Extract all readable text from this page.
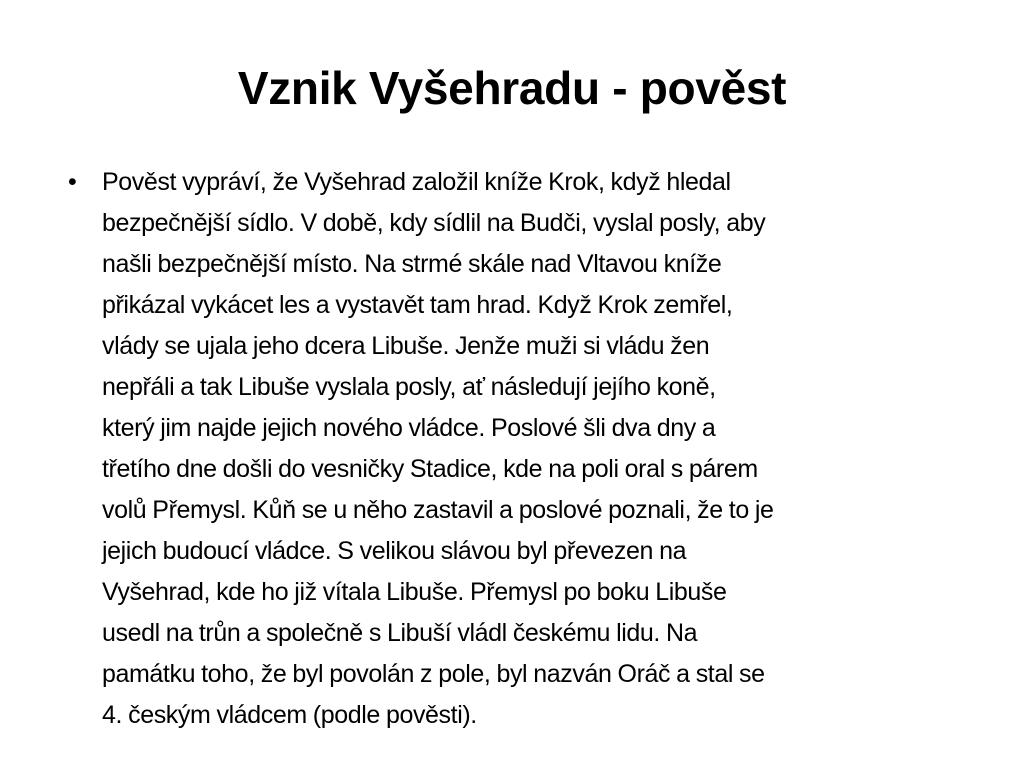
Vznik Vyšehradu - pověst
• Pověst vypráví, že Vyšehrad založil kníže Krok, když hledal
bezpečnější sídlo. V době, kdy sídlil na Budči, vyslal posly, aby
našli bezpečnější místo. Na strmé skále nad Vltavou kníže
přikázal vykácet les a vystavět tam hrad. Když Krok zemřel,
vlády se ujala jeho dcera Libuše. Jenže muži si vládu žen
nepřáli a tak Libuše vyslala posly, ať následují jejího koně,
který jim najde jejich nového vládce. Poslové šli dva dny a
třetího dne došli do vesničky Stadice, kde na poli oral s párem
volů Přemysl. Kůň se u něho zastavil a poslové poznali, že to je
jejich budoucí vládce. S velikou slávou byl převezen na
Vyšehrad, kde ho již vítala Libuše. Přemysl po boku Libuše
usedl na trůn a společně s Libuší vládl českému lidu. Na
památku toho, že byl povolán z pole, byl nazván Oráč a stal se
4. českým vládcem (podle pověsti).
